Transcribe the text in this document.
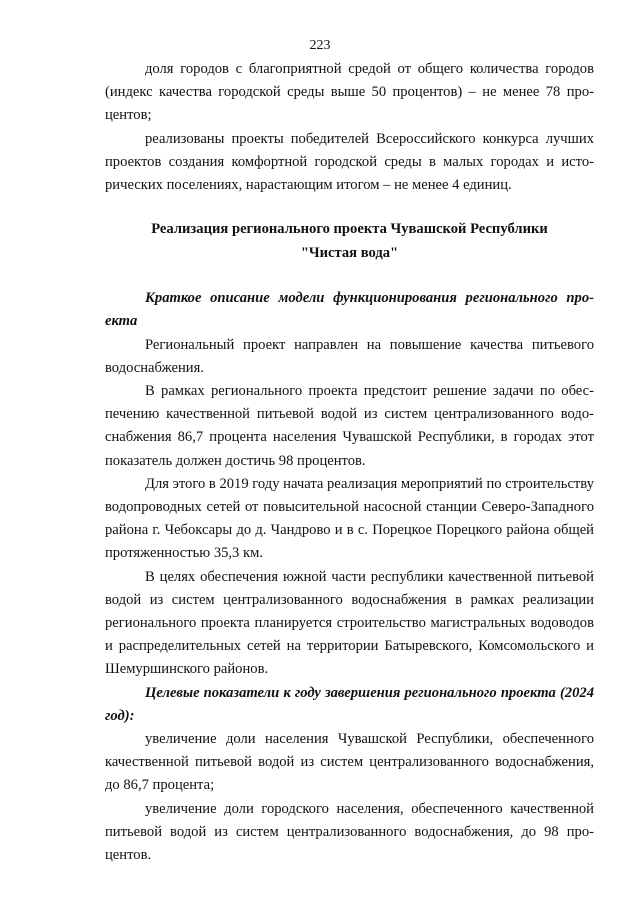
223

доля городов с благоприятной средой от общего количества городов (индекс качества городской среды выше 50 процентов) – не менее 78 процентов;

реализованы проекты победителей Всероссийского конкурса лучших проектов создания комфортной городской среды в малых городах и исторических поселениях, нарастающим итогом – не менее 4 единиц.

Реализация регионального проекта Чувашской Республики
"Чистая вода"
Краткое описание модели функционирования регионального проекта

Региональный проект направлен на повышение качества питьевого водоснабжения.

В рамках регионального проекта предстоит решение задачи по обеспечению качественной питьевой водой из систем централизованного водоснабжения 86,7 процента населения Чувашской Республики, в городах этот показатель должен достичь 98 процентов.

Для этого в 2019 году начата реализация мероприятий по строительству водопроводных сетей от повысительной насосной станции Северо-Западного района г. Чебоксары до д. Чандрово и в с. Порецкое Порецкого района общей протяженностью 35,3 км.

В целях обеспечения южной части республики качественной питьевой водой из систем централизованного водоснабжения в рамках реализации регионального проекта планируется строительство магистральных водоводов и распределительных сетей на территории Батыревского, Комсомольского и Шемуршинского районов.

Целевые показатели к году завершения регионального проекта (2024 год):

увеличение доли населения Чувашской Республики, обеспеченного качественной питьевой водой из систем централизованного водоснабжения, до 86,7 процента;

увеличение доли городского населения, обеспеченного качественной питьевой водой из систем централизованного водоснабжения, до 98 процентов.
